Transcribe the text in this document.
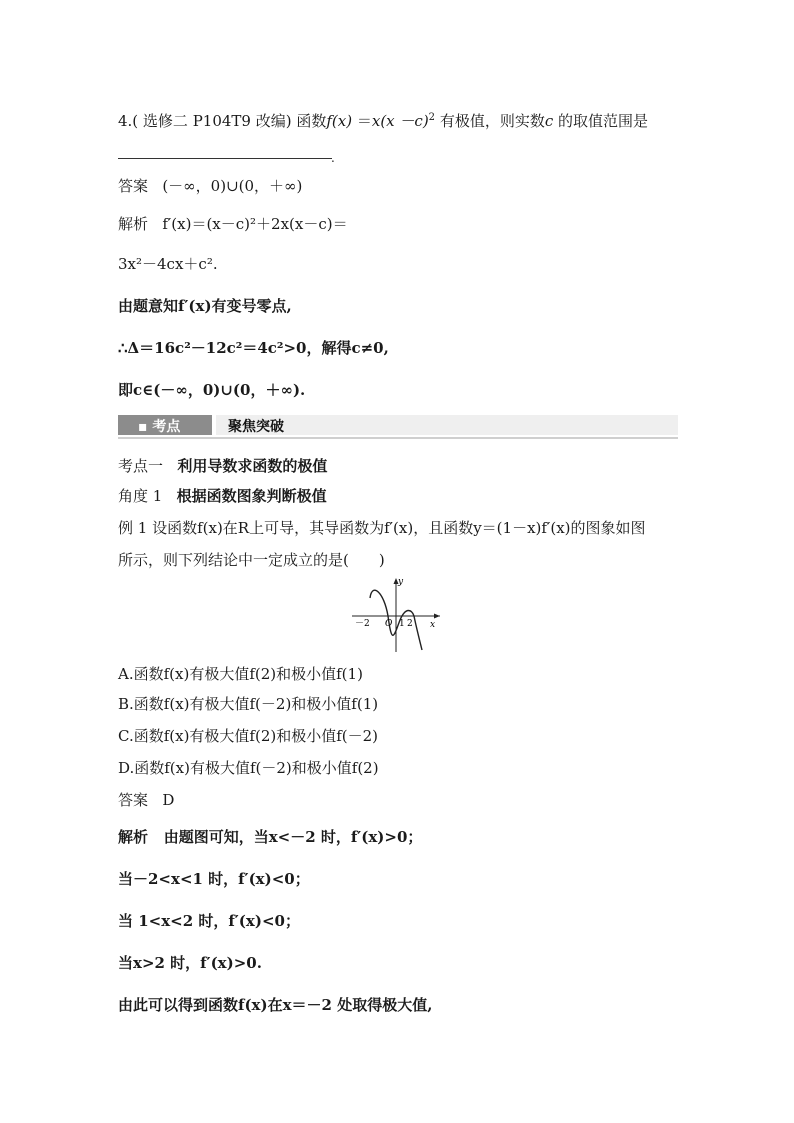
4.( 选修二 P104T9 改编) 函数$f(x) =x(x -c)^2$ 有极值，则实数c 的取值范围是
.
答案 (－∞，0)∪(0，＋∞)
解析 f′(x)＝(x－c)²＋2x(x－c)＝
3x²－4cx＋c².
由题意知f′(x)有变号零点,
∴Δ＝16c²－12c²＝4c²>0，解得c≠0,
即c∈(－∞，0)∪(0，＋∞).
▪ 考点	聚焦突破
考点一 利用导数求函数的极值
角度 1 根据函数图象判断极值
例 1 设函数f(x)在R上可导，其导函数为f′(x)，且函数y＝(1－x)f′(x)的图象如图
所示，则下列结论中一定成立的是(　　)
y
x
O
－2	1 2
A.函数f(x)有极大值f(2)和极小值f(1)
B.函数f(x)有极大值f(－2)和极小值f(1)
C.函数f(x)有极大值f(2)和极小值f(－2)
D.函数f(x)有极大值f(－2)和极小值f(2)
答案 D
解析 由题图可知，当x<－2 时，f′(x)>0；
当－2<x<1 时，f′(x)<0；
当 1<x<2 时，f′(x)<0；
当x>2 时，f′(x)>0.
由此可以得到函数f(x)在x＝－2 处取得极大值,
